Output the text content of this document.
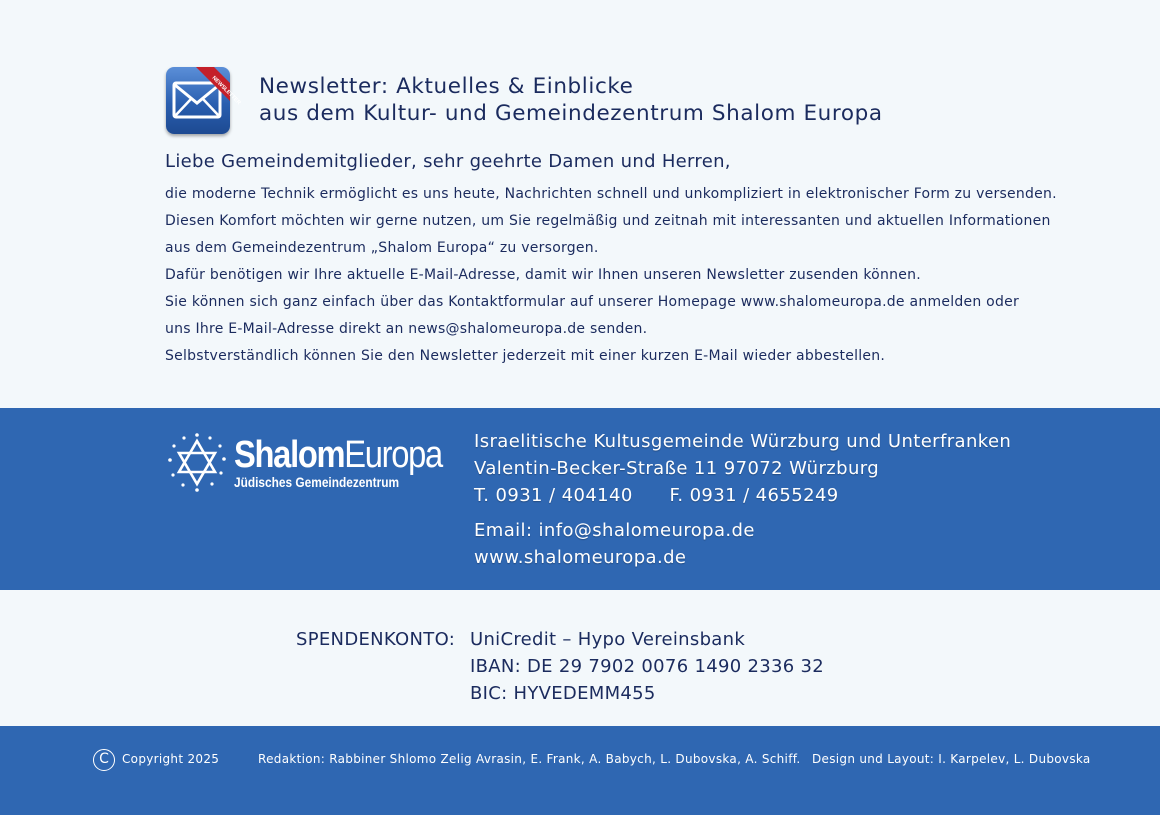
NEWSLETTER Newsletter: Aktuelles & Einblicke
aus dem Kultur- und Gemeindezentrum Shalom Europa
Liebe Gemeindemitglieder, sehr geehrte Damen und Herren,
die moderne Technik ermöglicht es uns heute, Nachrichten schnell und unkompliziert in elektronischer Form zu versenden.
Diesen Komfort möchten wir gerne nutzen, um Sie regelmäßig und zeitnah mit interessanten und aktuellen Informationen
aus dem Gemeindezentrum „Shalom Europa“ zu versorgen.
Dafür benötigen wir Ihre aktuelle E-Mail-Adresse, damit wir Ihnen unseren Newsletter zusenden können.
Sie können sich ganz einfach über das Kontaktformular auf unserer Homepage www.shalomeuropa.de anmelden oder
uns Ihre E-Mail-Adresse direkt an news@shalomeuropa.de senden.
Selbstverständlich können Sie den Newsletter jederzeit mit einer kurzen E-Mail wieder abbestellen.
ShalomEuropa
Jüdisches Gemeindezentrum
Israelitische Kultusgemeinde Würzburg und Unterfranken
Valentin-Becker-Straße 11 97072 Würzburg
T. 0931 / 404140      F. 0931 / 4655249
Email: info@shalomeuropa.de
www.shalomeuropa.de
SPENDENKONTO: UniCredit – Hypo Vereinsbank
IBAN: DE 29 7902 0076 1490 2336 32
BIC: HYVEDEMM455
C	Copyright 2025	Redaktion: Rabbiner Shlomo Zelig Avrasin, E. Frank, A. Babych, L. Dubovska, A. Schiff. Design und Layout: I. Karpelev, L. Dubovska
